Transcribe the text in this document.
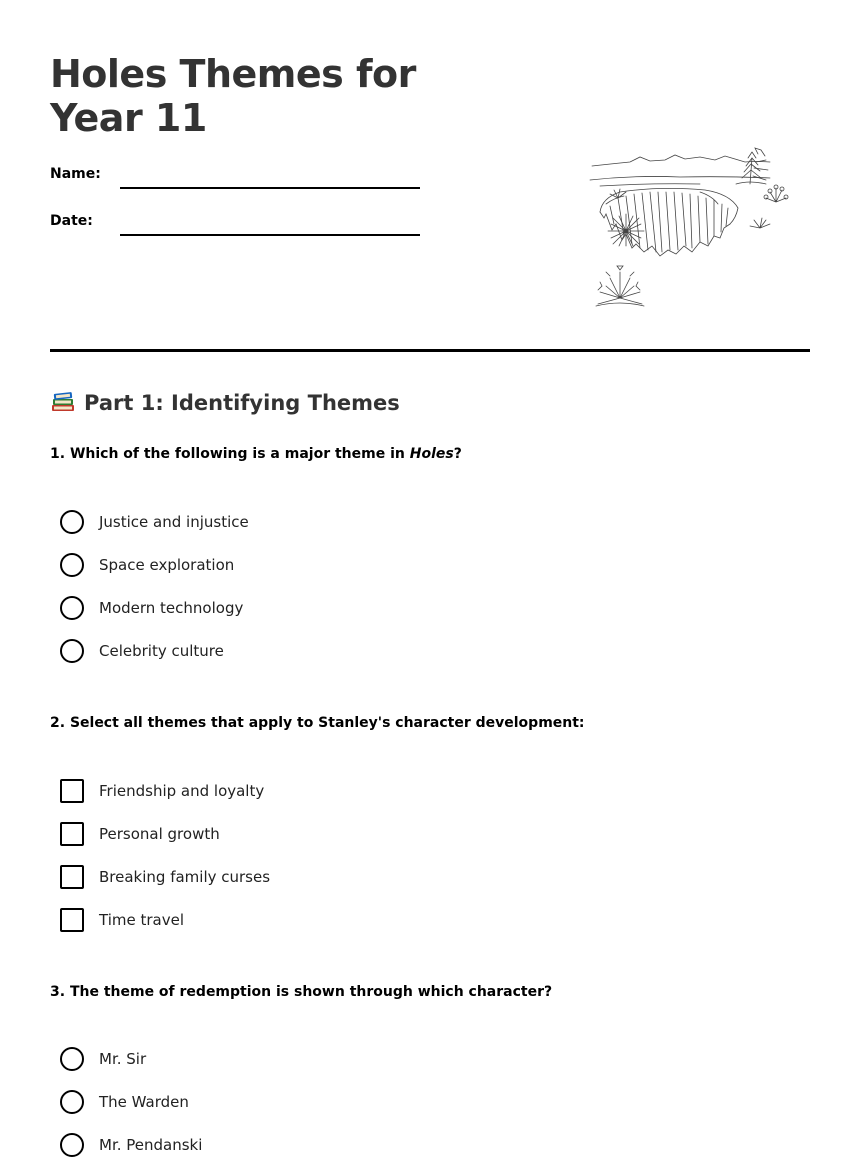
Holes Themes for Year 11
Name:
Date:
Part 1: Identifying Themes

1. Which of the following is a major theme in Holes?

Justice and injustice
Space exploration
Modern technology
Celebrity culture

2. Select all themes that apply to Stanley's character development:

Friendship and loyalty
Personal growth
Breaking family curses
Time travel

3. The theme of redemption is shown through which character?

Mr. Sir
The Warden
Mr. Pendanski
